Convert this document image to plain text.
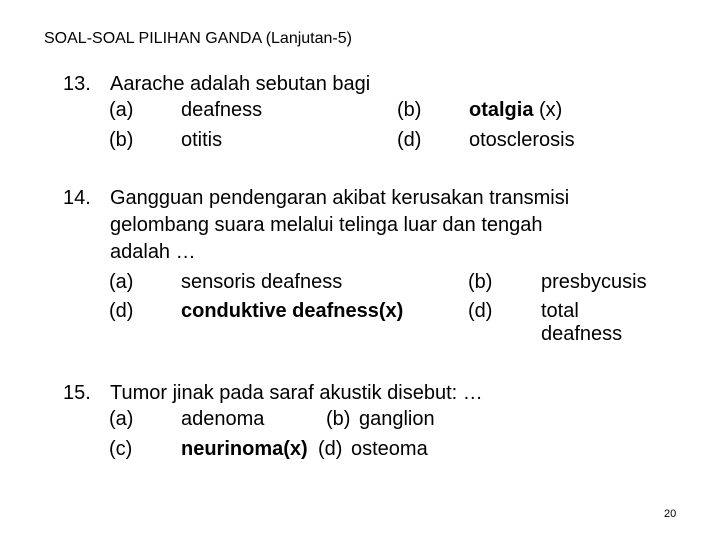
SOAL-SOAL PILIHAN GANDA (Lanjutan-5)
13. Aarache adalah sebutan bagi
(a) deafness	(b) otalgia (x)
(b) otitis	(d) otosclerosis
14. Gangguan pendengaran akibat kerusakan transmisi
gelombang suara melalui telinga luar dan tengah
adalah …
(a) sensoris deafness	(b) presbycusis
(d) conduktive deafness(x)	(d) total
deafness
15. Tumor jinak pada saraf akustik disebut: …
(a) adenoma	(b) ganglion
(c) neurinoma(x) (d) osteoma
20
